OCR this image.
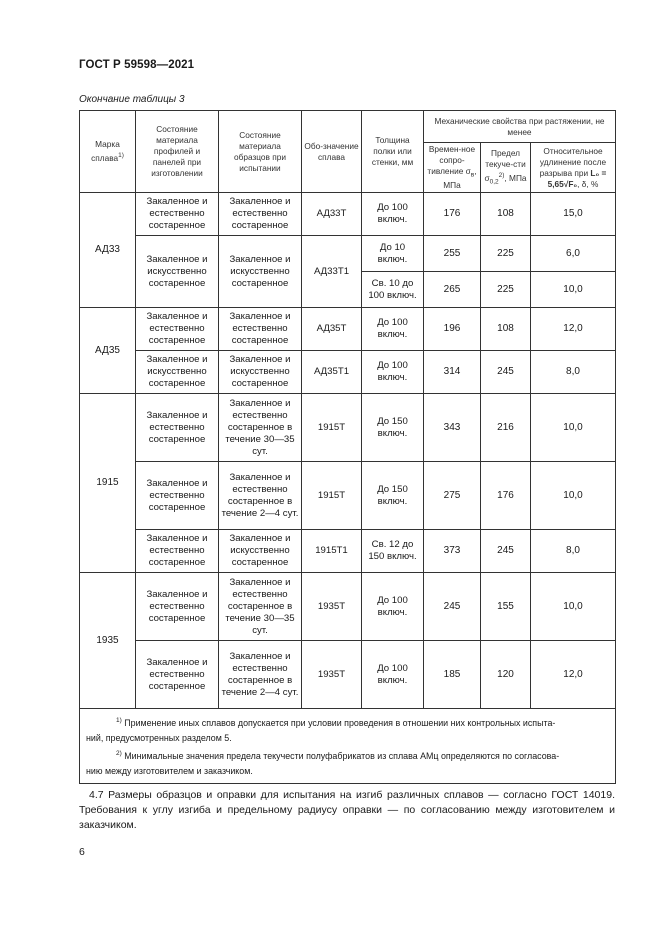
ГОСТ Р 59598—2021
Окончание таблицы 3
Марка сплава$^{1)}$	Состояние материала профилей и панелей при изготовлении	Состояние материала образцов при испытании	Обо-значение сплава	Толщина полки или стенки, мм	Механические свойства при растяжении, не менее		
					Времен-ное сопро-тивление $\sigma_в$, МПа	Предел текуче-сти $\sigma_{0,2}^{2)}$, МПа	Относительное удлинение после разрыва при L₀ = 5,65√F₀, δ, %
АД33	Закаленное и естественно состаренное	Закаленное и естественно состаренное	АД33Т	До 100 включ.	176	108	15,0
	Закаленное и искусственно состаренное	Закаленное и искусственно состаренное	АД33Т1	До 10 включ.	255	225	6,0
				Св. 10 до 100 включ.	265	225	10,0
АД35	Закаленное и естественно состаренное	Закаленное и естественно состаренное	АД35Т	До 100 включ.	196	108	12,0
	Закаленное и искусственно состаренное	Закаленное и искусственно состаренное	АД35Т1	До 100 включ.	314	245	8,0
1915	Закаленное и естественно состаренное	Закаленное и естественно состаренное в течение 30—35 сут.	1915Т	До 150 включ.	343	216	10,0
	Закаленное и естественно состаренное	Закаленное и естественно состаренное в течение 2—4 сут.	1915Т	До 150 включ.	275	176	10,0
	Закаленное и естественно состаренное	Закаленное и искусственно состаренное	1915Т1	Св. 12 до 150 включ.	373	245	8,0
1935	Закаленное и естественно состаренное	Закаленное и естественно состаренное в течение 30—35 сут.	1935Т	До 100 включ.	245	155	10,0
	Закаленное и естественно состаренное	Закаленное и естественно состаренное в течение 2—4 сут.	1935Т	До 100 включ.	185	120	12,0

$^{1)}$ Применение иных сплавов допускается при условии проведения в отношении них контрольных испыта-
ний, предусмотренных разделом 5.
$^{2)}$ Минимальные значения предела текучести полуфабрикатов из сплава АМц определяются по согласова-
нию между изготовителем и заказчиком.							
4.7 Размеры образцов и оправки для испытания на изгиб различных сплавов — согласно ГОСТ 14019. Требования к углу изгиба и предельному радиусу оправки — по согласованию между изготовителем и заказчиком.
6
